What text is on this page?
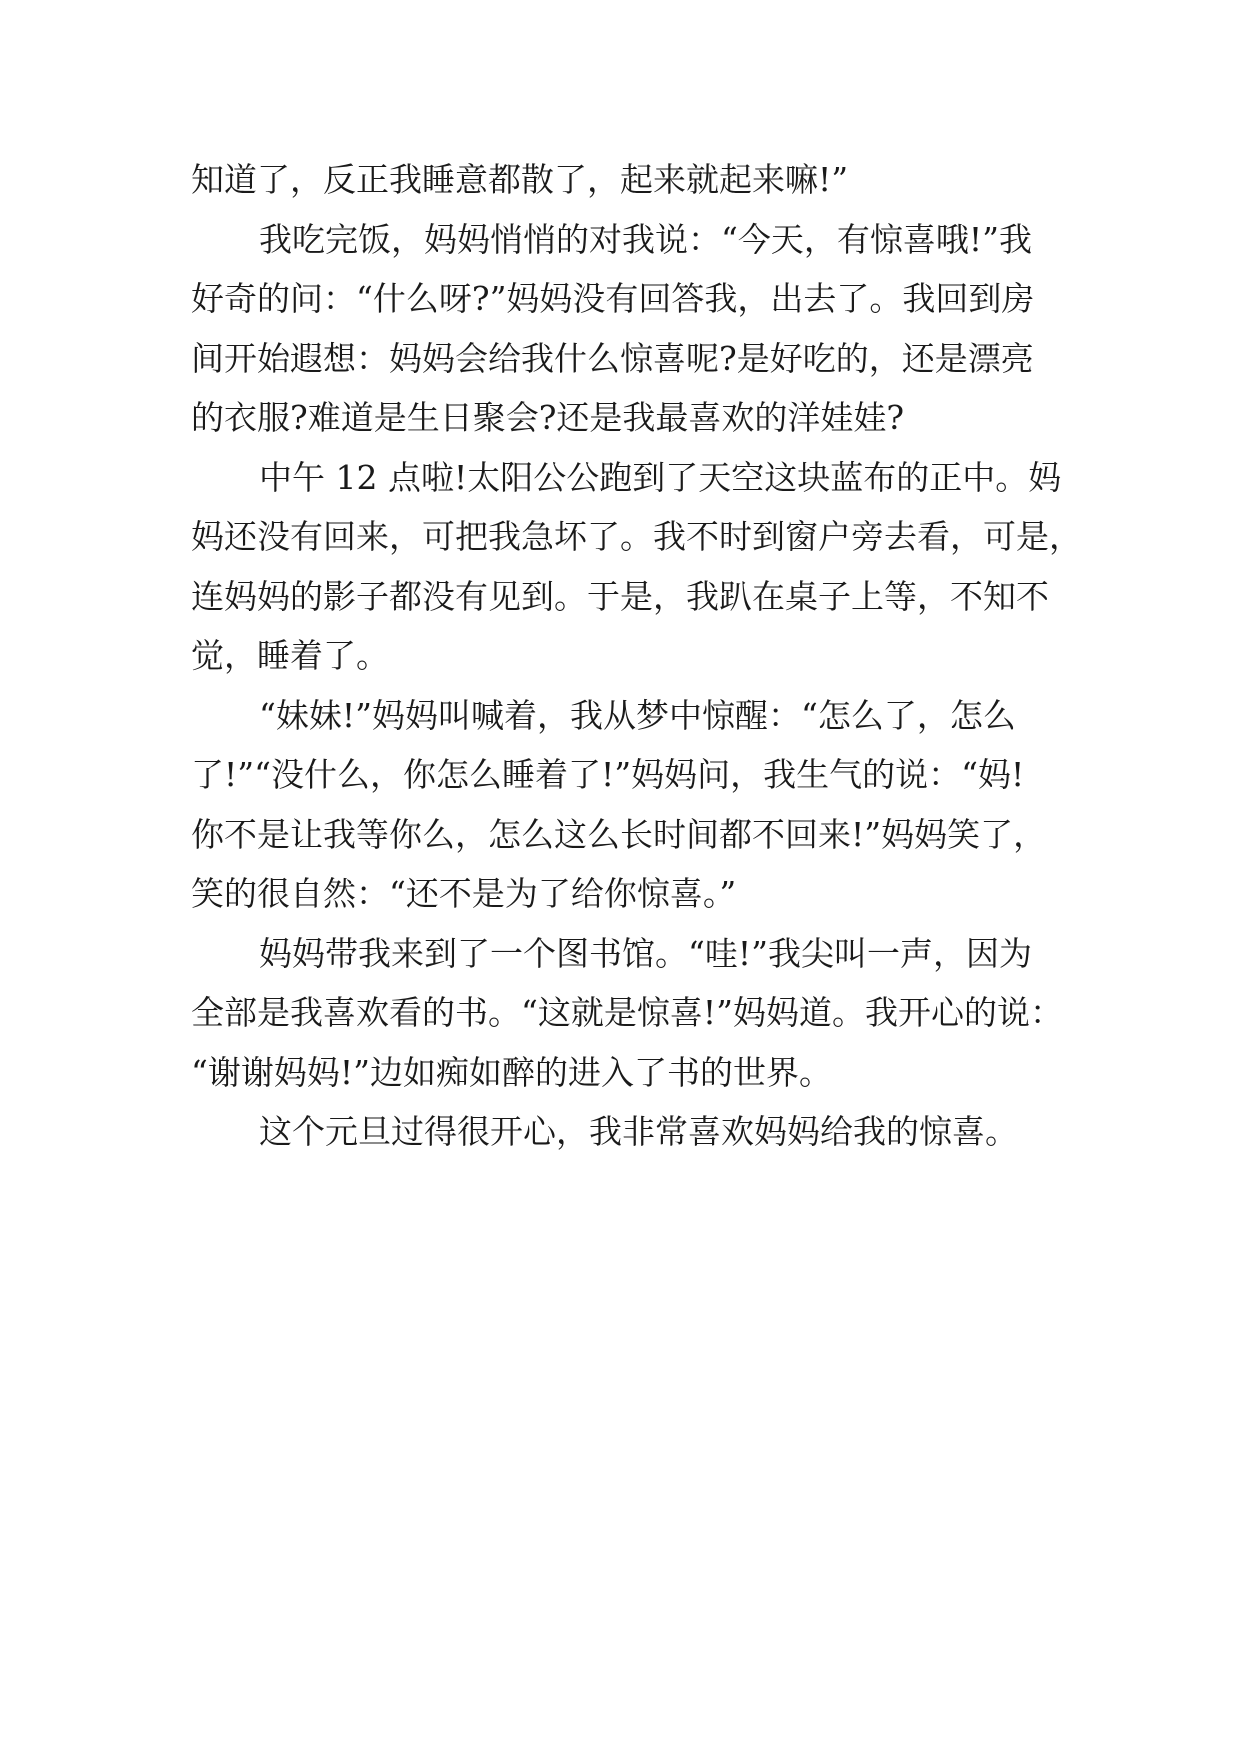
知道了，反正我睡意都散了，起来就起来嘛!”
我吃完饭，妈妈悄悄的对我说：“今天，有惊喜哦!”我
好奇的问：“什么呀?”妈妈没有回答我，出去了。我回到房
间开始遐想：妈妈会给我什么惊喜呢?是好吃的，还是漂亮
的衣服?难道是生日聚会?还是我最喜欢的洋娃娃?
中午 12 点啦!太阳公公跑到了天空这块蓝布的正中。妈
妈还没有回来，可把我急坏了。我不时到窗户旁去看，可是，
连妈妈的影子都没有见到。于是，我趴在桌子上等，不知不
觉，睡着了。
“妹妹!”妈妈叫喊着，我从梦中惊醒：“怎么了，怎么
了!”“没什么，你怎么睡着了!”妈妈问，我生气的说：“妈!
你不是让我等你么，怎么这么长时间都不回来!”妈妈笑了，
笑的很自然：“还不是为了给你惊喜。”
妈妈带我来到了一个图书馆。“哇!”我尖叫一声，因为
全部是我喜欢看的书。“这就是惊喜!”妈妈道。我开心的说：
“谢谢妈妈!”边如痴如醉的进入了书的世界。
这个元旦过得很开心，我非常喜欢妈妈给我的惊喜。
